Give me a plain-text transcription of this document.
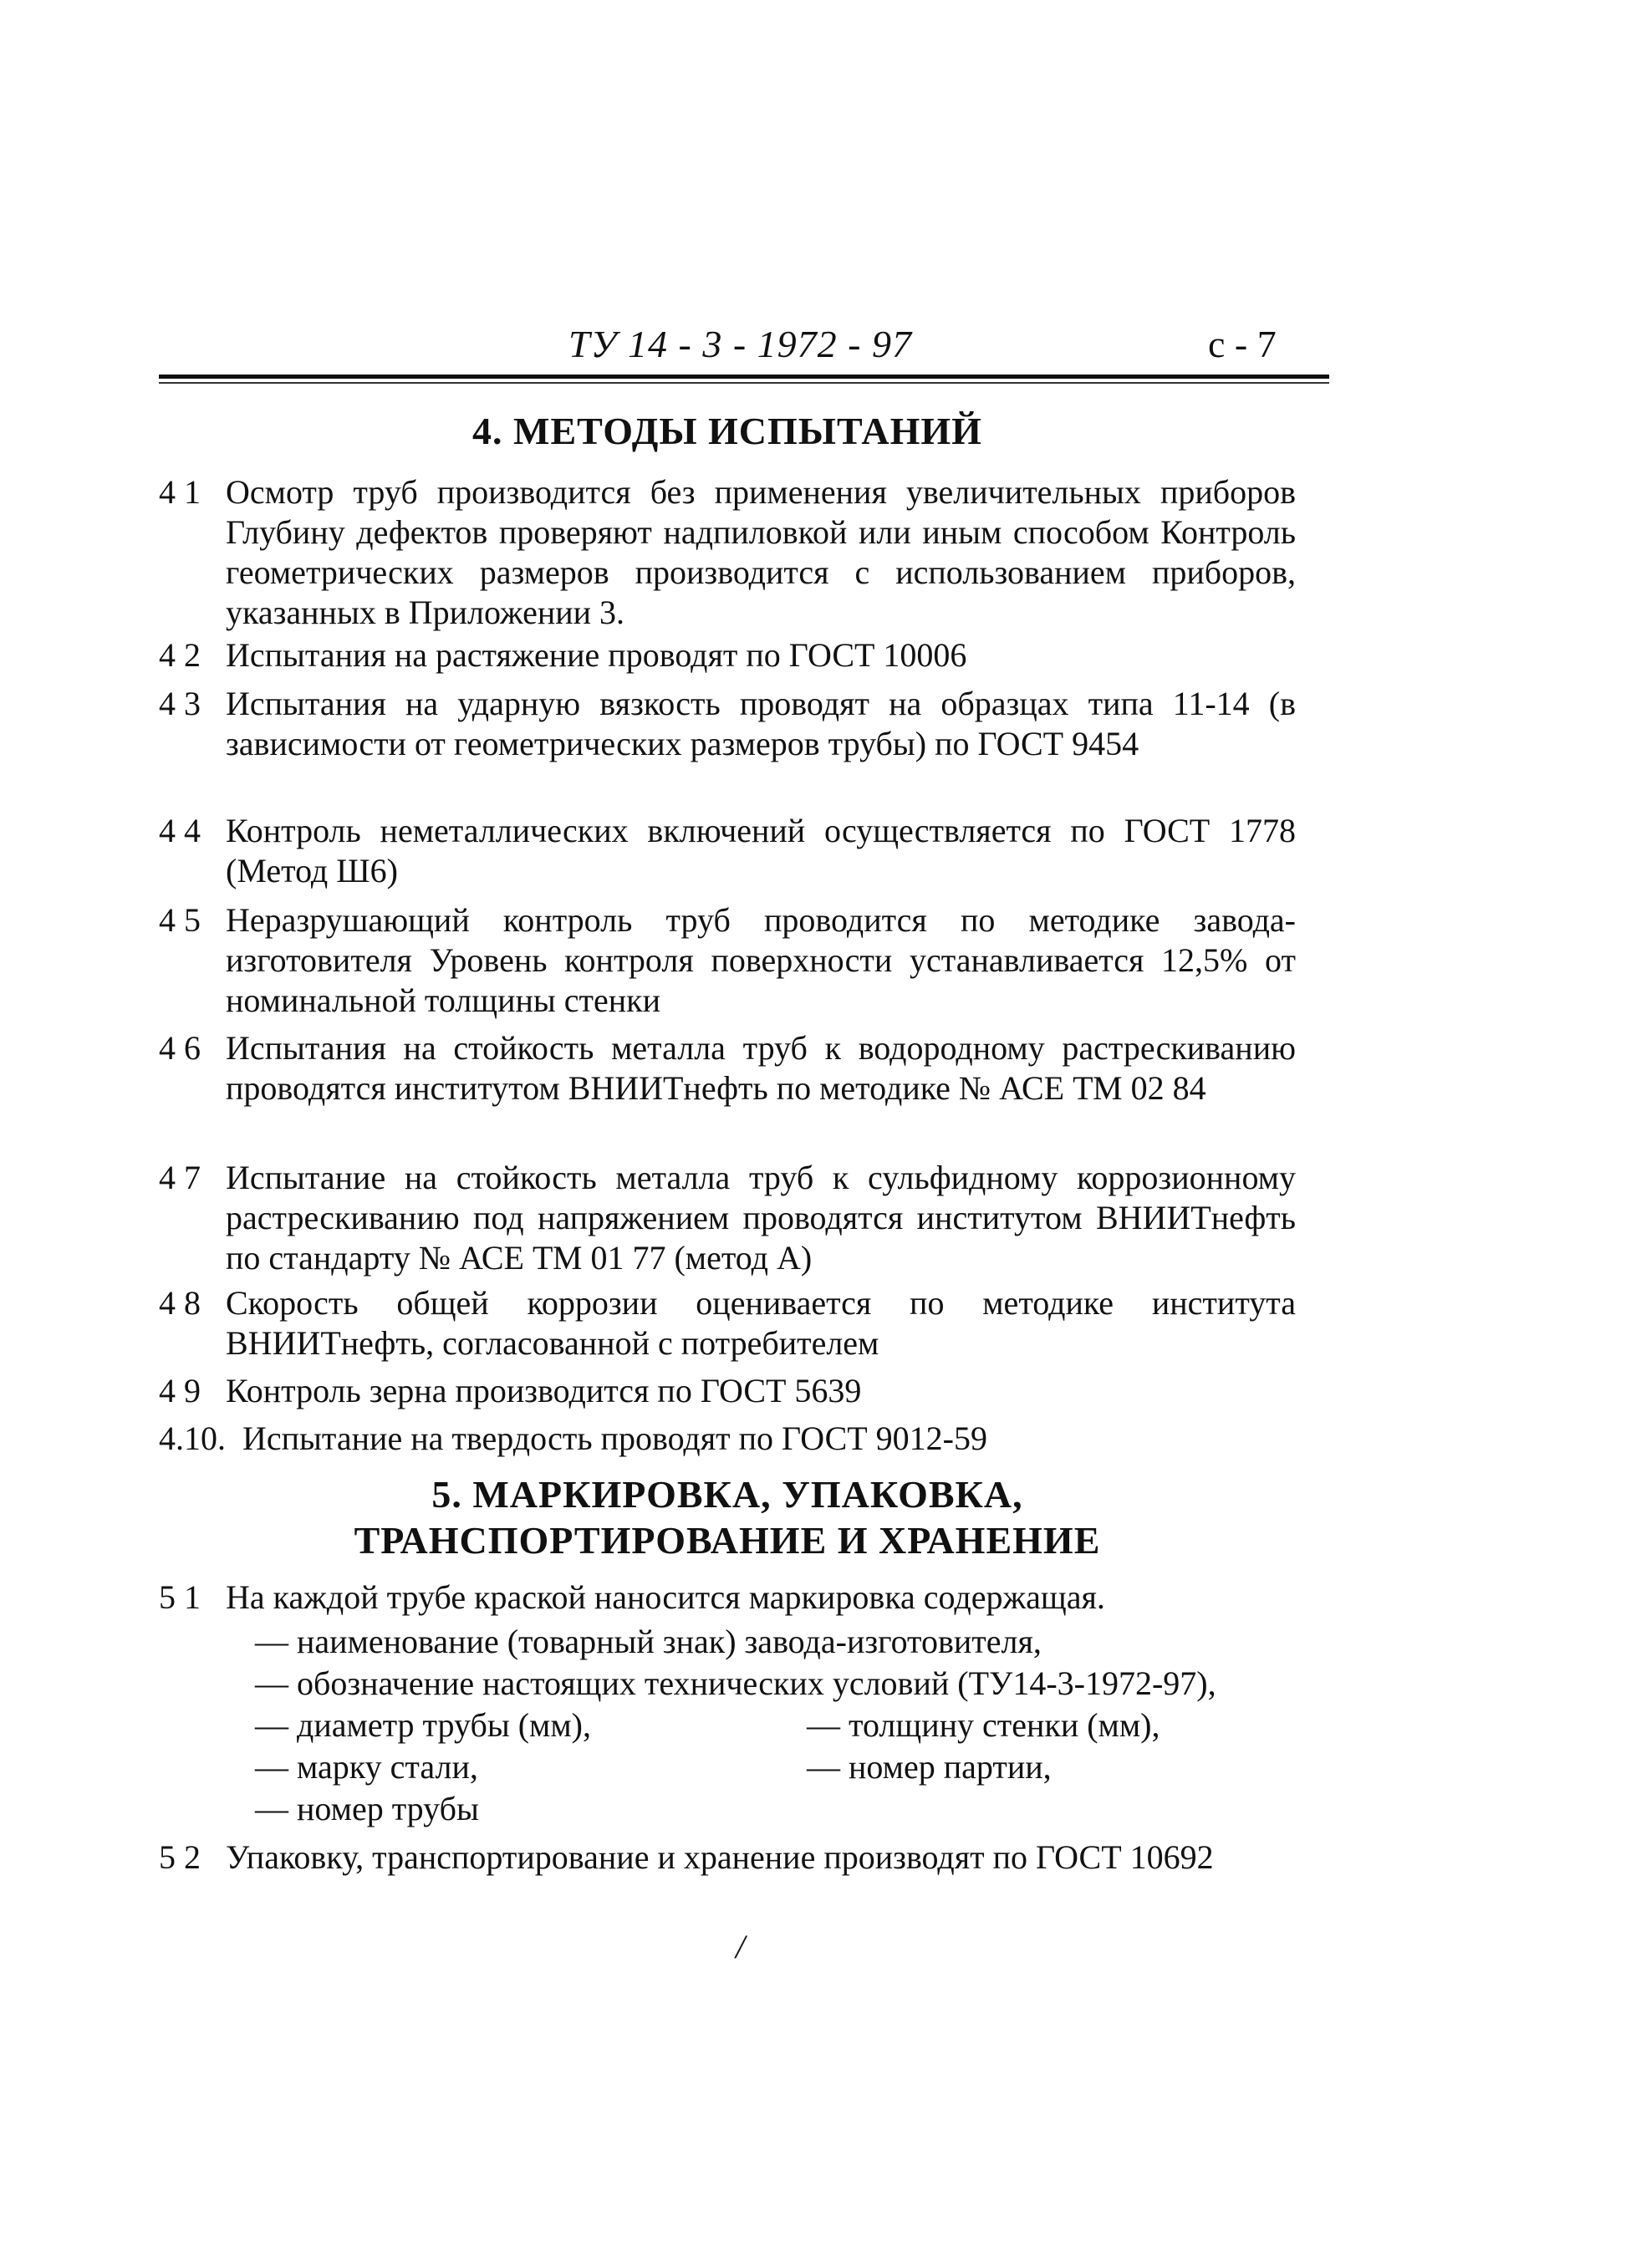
ТУ 14 - 3 - 1972 - 97	с - 7
4. МЕТОДЫ ИСПЫТАНИЙ
4 1 Осмотр труб производится без применения увеличительных приборов Глубину дефектов проверяют надпиловкой или иным способом Контроль геометрических размеров производится с использованием приборов, указанных в Приложении 3.
4 2 Испытания на растяжение проводят по ГОСТ 10006
4 3 Испытания на ударную вязкость проводят на образцах типа 11-14 (в зависимости от геометрических размеров трубы) по ГОСТ 9454
4 4 Контроль неметаллических включений осуществляется по ГОСТ 1778 (Метод Ш6)
4 5 Неразрушающий контроль труб проводится по методике завода-изготовителя Уровень контроля поверхности устанавливается 12,5% от номинальной толщины стенки
4 6 Испытания на стойкость металла труб к водородному растрескиванию проводятся институтом ВНИИТнефть по методике № АСЕ ТМ 02 84
4 7 Испытание на стойкость металла труб к сульфидному коррозионному растрескиванию под напряжением проводятся институтом ВНИИТнефть по стандарту № АСЕ ТМ 01 77 (метод А)
4 8 Скорость общей коррозии оценивается по методике института ВНИИТнефть, согласованной с потребителем
4 9 Контроль зерна производится по ГОСТ 5639
4.10. Испытание на твердость проводят по ГОСТ 9012-59
5. МАРКИРОВКА, УПАКОВКА,
ТРАНСПОРТИРОВАНИЕ И ХРАНЕНИЕ
5 1 На каждой трубе краской наносится маркировка содержащая.
— наименование (товарный знак) завода-изготовителя,
— обозначение настоящих технических условий (ТУ14-3-1972-97),
— диаметр трубы (мм),	— толщину стенки (мм),
— марку стали,	— номер партии,
— номер трубы
5 2 Упаковку, транспортирование и хранение производят по ГОСТ 10692
/
